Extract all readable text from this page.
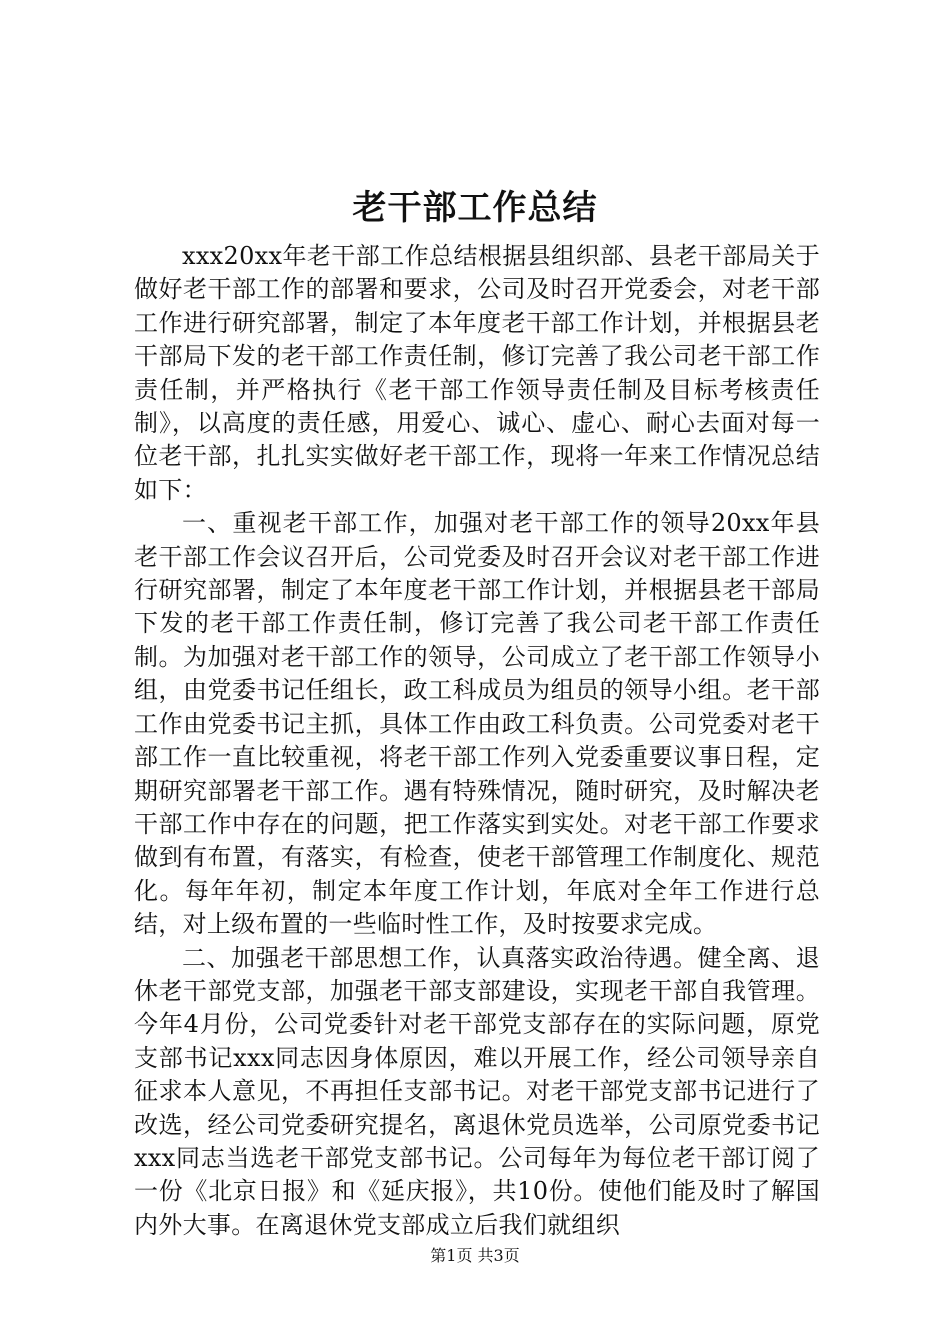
老干部工作总结

xxx20xx年老干部工作总结根据县组织部、县老干部局关于做好老干部工作的部署和要求，公司及时召开党委会，对老干部工作进行研究部署，制定了本年度老干部工作计划，并根据县老干部局下发的老干部工作责任制，修订完善了我公司老干部工作责任制，并严格执行《老干部工作领导责任制及目标考核责任制》，以高度的责任感，用爱心、诚心、虚心、耐心去面对每一位老干部，扎扎实实做好老干部工作，现将一年来工作情况总结如下：

一、重视老干部工作，加强对老干部工作的领导20xx年县老干部工作会议召开后，公司党委及时召开会议对老干部工作进行研究部署，制定了本年度老干部工作计划，并根据县老干部局下发的老干部工作责任制，修订完善了我公司老干部工作责任制。为加强对老干部工作的领导，公司成立了老干部工作领导小组，由党委书记任组长，政工科成员为组员的领导小组。老干部工作由党委书记主抓，具体工作由政工科负责。公司党委对老干部工作一直比较重视，将老干部工作列入党委重要议事日程，定期研究部署老干部工作。遇有特殊情况，随时研究，及时解决老干部工作中存在的问题，把工作落实到实处。对老干部工作要求做到有布置，有落实，有检查，使老干部管理工作制度化、规范化。每年年初，制定本年度工作计划，年底对全年工作进行总结，对上级布置的一些临时性工作，及时按要求完成。

二、加强老干部思想工作，认真落实政治待遇。健全离、退休老干部党支部，加强老干部支部建设，实现老干部自我管理。今年4月份，公司党委针对老干部党支部存在的实际问题，原党支部书记xxx同志因身体原因，难以开展工作，经公司领导亲自征求本人意见，不再担任支部书记。对老干部党支部书记进行了改选，经公司党委研究提名，离退休党员选举，公司原党委书记xxx同志当选老干部党支部书记。公司每年为每位老干部订阅了一份《北京日报》和《延庆报》，共10份。使他们能及时了解国内外大事。在离退休党支部成立后我们就组织

第1页 共3页
